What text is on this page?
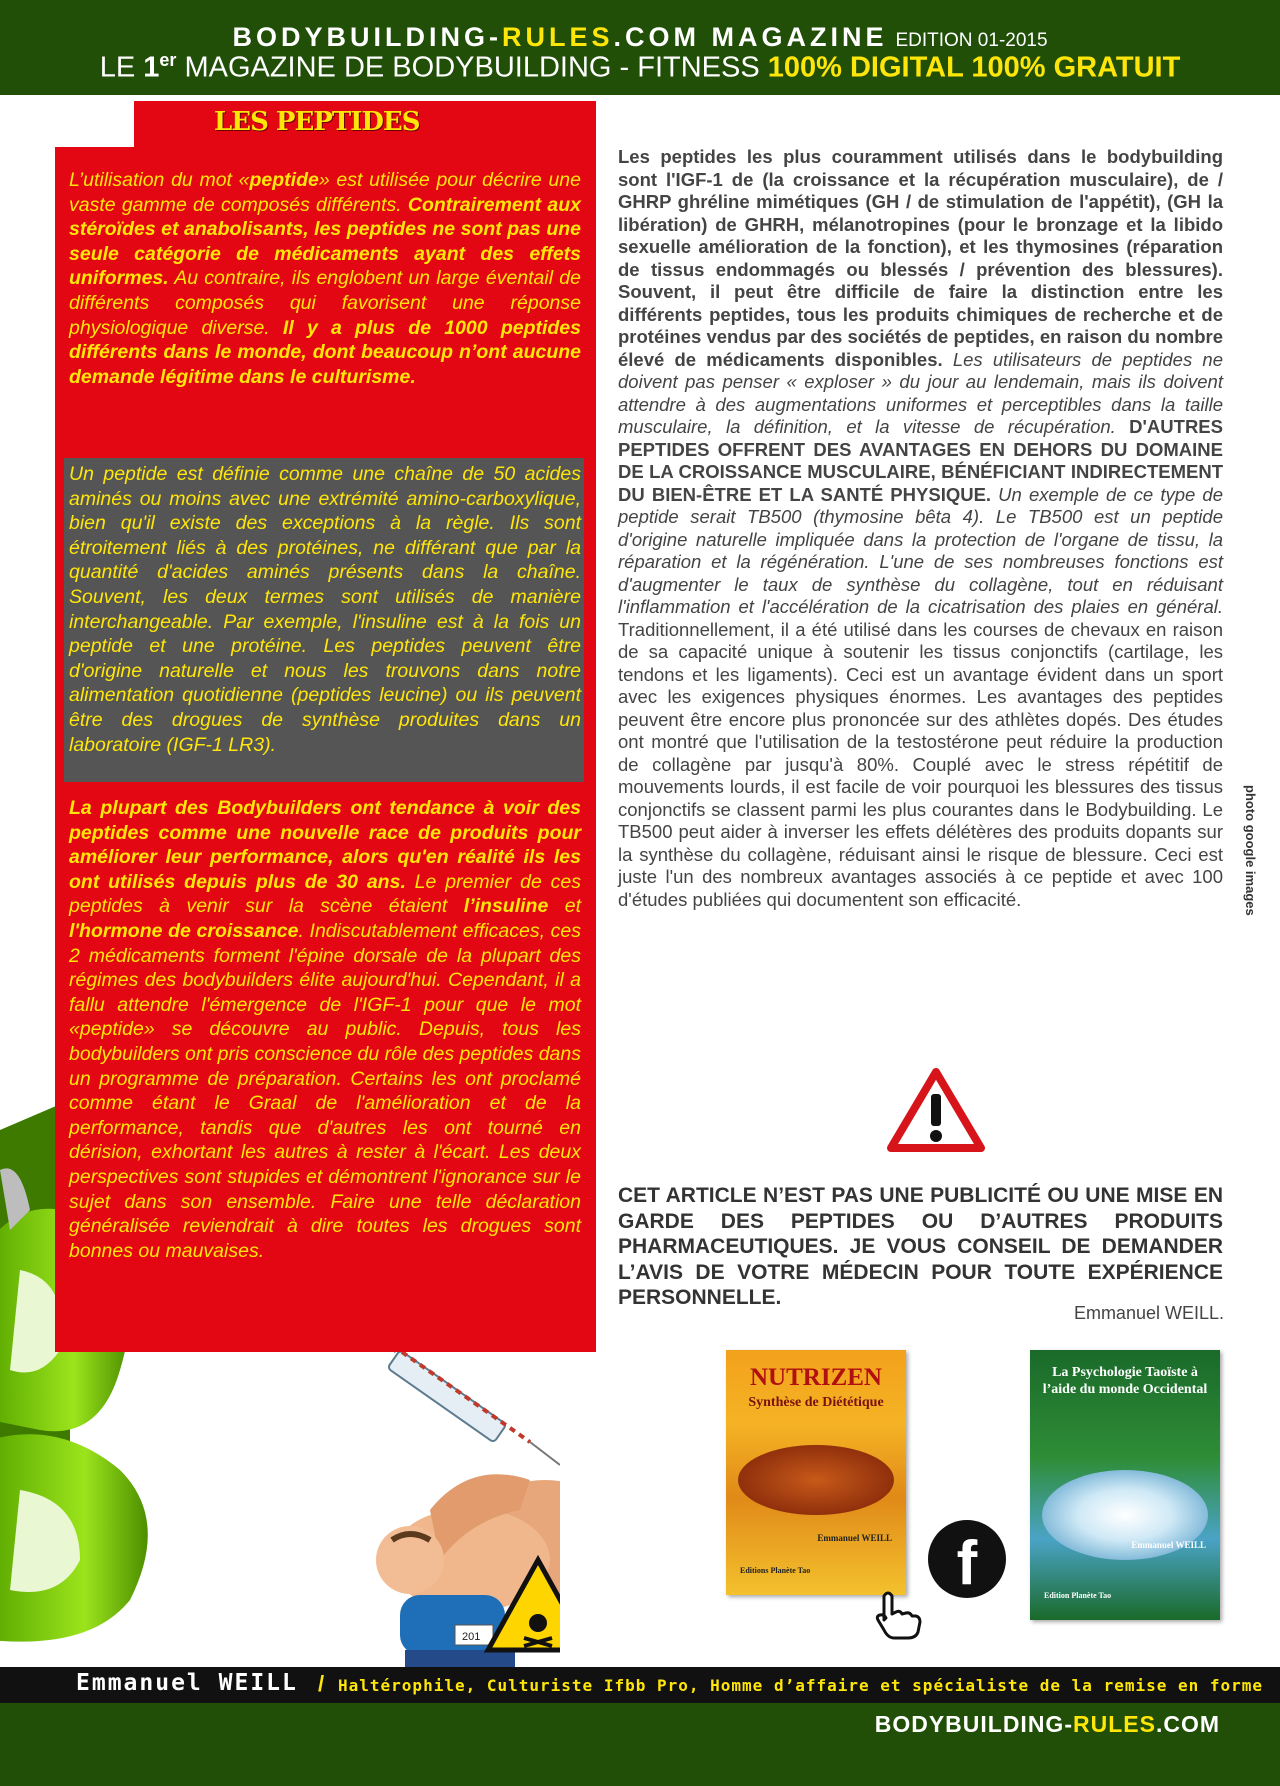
BODYBUILDING-RULES.COM MAGAZINE EDITION 01-2015
LE 1er MAGAZINE DE BODYBUILDING - FITNESS 100% DIGITAL 100% GRATUIT
201
LES PEPTIDES

L’utilisation du mot «peptide» est utilisée pour décrire une vaste gamme de composés différents. Contrairement aux stéroïdes et anabolisants, les peptides ne sont pas une seule catégorie de médicaments ayant des effets uniformes. Au contraire, ils englobent un large éventail de différents composés qui favorisent une réponse physiologique diverse. Il y a plus de 1000 peptides différents dans le monde, dont beaucoup n’ont aucune demande légitime dans le culturisme.

Un peptide est définie comme une chaîne de 50 acides aminés ou moins avec une extrémité amino-carboxylique, bien qu'il existe des exceptions à la règle. Ils sont étroitement liés à des protéines, ne différant que par la quantité d'acides aminés présents dans la chaîne. Souvent, les deux termes sont utilisés de manière interchangeable. Par exemple, l'insuline est à la fois un peptide et une protéine. Les peptides peuvent être d'origine naturelle et nous les trouvons dans notre alimentation quotidienne (peptides leucine) ou ils peuvent être des drogues de synthèse produites dans un laboratoire (IGF-1 LR3).

La plupart des Bodybuilders ont tendance à voir des peptides comme une nouvelle race de produits pour améliorer leur performance, alors qu'en réalité ils les ont utilisés depuis plus de 30 ans. Le premier de ces peptides à venir sur la scène étaient l’insuline et l'hormone de croissance. Indiscutablement efficaces, ces 2 médicaments forment l'épine dorsale de la plupart des régimes des bodybuilders élite aujourd'hui. Cependant, il a fallu attendre l'émergence de l'IGF-1 pour que le mot «peptide» se découvre au public. Depuis, tous les bodybuilders ont pris conscience du rôle des peptides dans un programme de préparation. Certains les ont proclamé comme étant le Graal de l'amélioration et de la performance, tandis que d'autres les ont tourné en dérision, exhortant les autres à rester à l'écart. Les deux perspectives sont stupides et démontrent l'ignorance sur le sujet dans son ensemble. Faire une telle déclaration généralisée reviendrait à dire toutes les drogues sont bonnes ou mauvaises.

Les peptides les plus couramment utilisés dans le bodybuilding sont l'IGF-1 de (la croissance et la récupération musculaire), de / GHRP ghréline mimétiques (GH / de stimulation de l'appétit), (GH la libération) de GHRH, mélanotropines (pour le bronzage et la libido sexuelle amélioration de la fonction), et les thymosines (réparation de tissus endommagés ou blessés / prévention des blessures). Souvent, il peut être difficile de faire la distinction entre les différents peptides, tous les produits chimiques de recherche et de protéines vendus par des sociétés de peptides, en raison du nombre élevé de médicaments disponibles. Les utilisateurs de peptides ne doivent pas penser « exploser » du jour au lendemain, mais ils doivent attendre à des augmentations uniformes et perceptibles dans la taille musculaire, la définition, et la vitesse de récupération. D'AUTRES PEPTIDES OFFRENT DES AVANTAGES EN DEHORS DU DOMAINE DE LA CROISSANCE MUSCULAIRE, BÉNÉFICIANT INDIRECTEMENT DU BIEN-ÊTRE ET LA SANTÉ PHYSIQUE. Un exemple de ce type de peptide serait TB500 (thymosine bêta 4). Le TB500 est un peptide d'origine naturelle impliquée dans la protection de l'organe de tissu, la réparation et la régénération. L'une de ses nombreuses fonctions est d'augmenter le taux de synthèse du collagène, tout en réduisant l'inflammation et l'accélération de la cicatrisation des plaies en général. Traditionnellement, il a été utilisé dans les courses de chevaux en raison de sa capacité unique à soutenir les tissus conjonctifs (cartilage, les tendons et les ligaments). Ceci est un avantage évident dans un sport avec les exigences physiques énormes. Les avantages des peptides peuvent être encore plus prononcée sur des athlètes dopés. Des études ont montré que l'utilisation de la testostérone peut réduire la production de collagène par jusqu'à 80%. Couplé avec le stress répétitif de mouvements lourds, il est facile de voir pourquoi les blessures des tissus conjonctifs se classent parmi les plus courantes dans le Bodybuilding. Le TB500 peut aider à inverser les effets délétères des produits dopants sur la synthèse du collagène, réduisant ainsi le risque de blessure. Ceci est juste l'un des nombreux avantages associés à ce peptide et avec 100 d'études publiées qui documentent son efficacité.

CET ARTICLE N’EST PAS UNE PUBLICITÉ OU UNE MISE EN GARDE DES PEPTIDES OU D’AUTRES PRODUITS PHARMACEUTIQUES. JE VOUS CONSEIL DE DEMANDER L’AVIS DE VOTRE MÉDECIN POUR TOUTE EXPÉRIENCE PERSONNELLE.

Emmanuel WEILL.
photo google images
NUTRIZEN
Synthèse de Diététique
Emmanuel WEILL
Editions Planète Tao
La Psychologie Taoïste à l’aide du monde Occidental
Emmanuel WEILL
Edition Planète Tao
f
Emmanuel WEILL / Haltérophile, Culturiste Ifbb Pro, Homme d’affaire et spécialiste de la remise en forme
BODYBUILDING-RULES.COM
